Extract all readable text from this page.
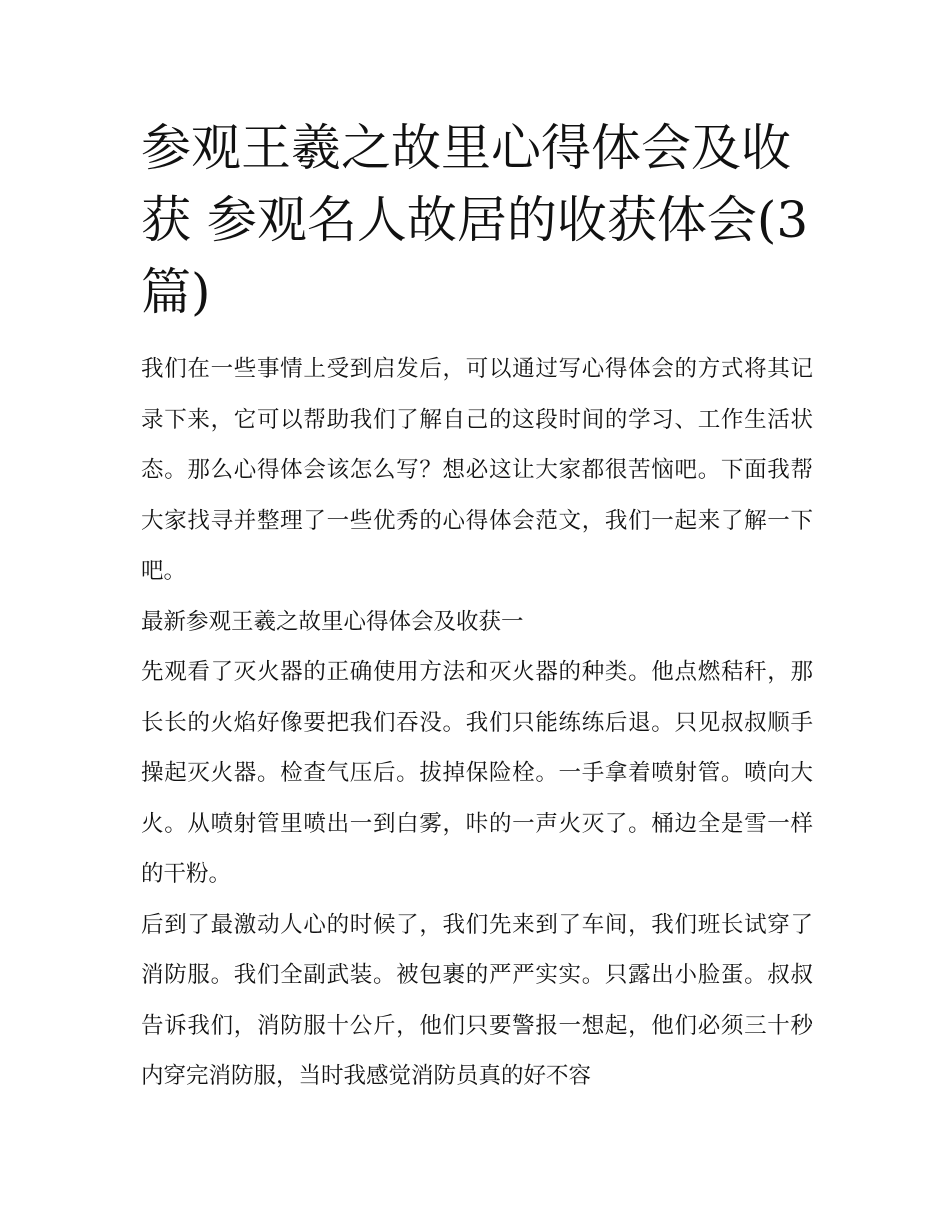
参观王羲之故里心得体会及收获 参观名人故居的收获体会(3篇)

我们在一些事情上受到启发后，可以通过写心得体会的方式将其记录下来，它可以帮助我们了解自己的这段时间的学习、工作生活状态。那么心得体会该怎么写？想必这让大家都很苦恼吧。下面我帮大家找寻并整理了一些优秀的心得体会范文，我们一起来了解一下吧。

最新参观王羲之故里心得体会及收获一

先观看了灭火器的正确使用方法和灭火器的种类。他点燃秸秆，那长长的火焰好像要把我们吞没。我们只能练练后退。只见叔叔顺手操起灭火器。检查气压后。拔掉保险栓。一手拿着喷射管。喷向大火。从喷射管里喷出一到白雾，咔的一声火灭了。桶边全是雪一样的干粉。

后到了最激动人心的时候了，我们先来到了车间，我们班长试穿了消防服。我们全副武装。被包裹的严严实实。只露出小脸蛋。叔叔告诉我们，消防服十公斤，他们只要警报一想起，他们必须三十秒内穿完消防服，当时我感觉消防员真的好不容
